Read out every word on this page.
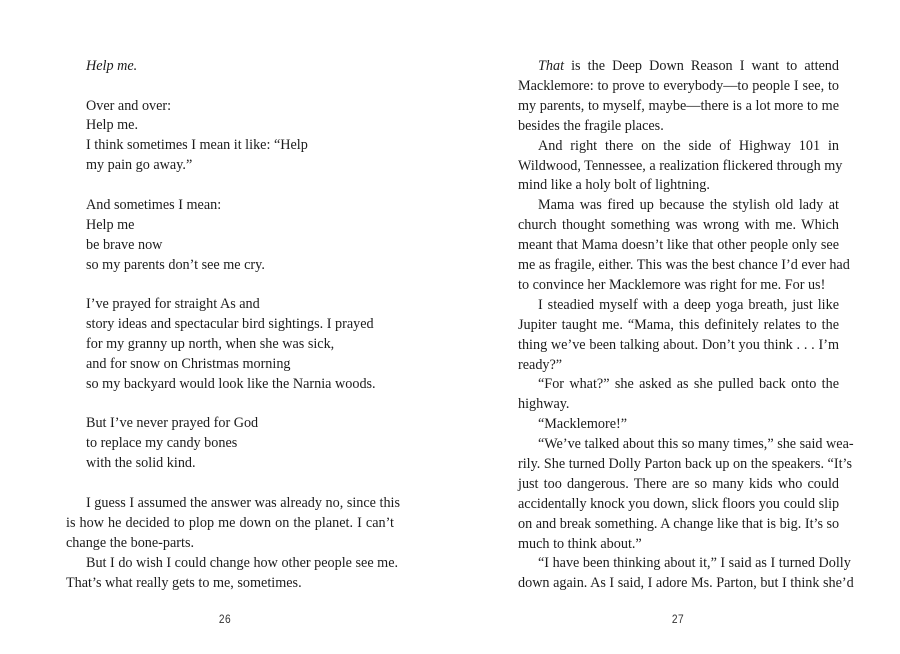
Help me.
Over and over:
Help me.
I think sometimes I mean it like: “Help
my pain go away.”
And sometimes I mean:
Help me
be brave now
so my parents don’t see me cry.
I’ve prayed for straight As and
story ideas and spectacular bird sightings. I prayed
for my granny up north, when she was sick,
and for snow on Christmas morning
so my backyard would look like the Narnia woods.
But I’ve never prayed for God
to replace my candy bones
with the solid kind.
I guess I assumed the answer was already no, since this
is how he decided to plop me down on the planet. I can’t
change the bone-parts.
But I do wish I could change how other people see me.
That’s what really gets to me, sometimes.
26
That is the Deep Down Reason I want to attend
Macklemore: to prove to everybody—to people I see, to
my parents, to myself, maybe—there is a lot more to me
besides the fragile places.
And right there on the side of Highway 101 in
Wildwood, Tennessee, a realization flickered through my
mind like a holy bolt of lightning.
Mama was fired up because the stylish old lady at
church thought something was wrong with me. Which
meant that Mama doesn’t like that other people only see
me as fragile, either. This was the best chance I’d ever had
to convince her Macklemore was right for me. For us!
I steadied myself with a deep yoga breath, just like
Jupiter taught me. “Mama, this definitely relates to the
thing we’ve been talking about. Don’t you think . . . I’m
ready?”
“For what?” she asked as she pulled back onto the
highway.
“Macklemore!”
“We’ve talked about this so many times,” she said wea-
rily. She turned Dolly Parton back up on the speakers. “It’s
just too dangerous. There are so many kids who could
accidentally knock you down, slick floors you could slip
on and break something. A change like that is big. It’s so
much to think about.”
“I have been thinking about it,” I said as I turned Dolly
down again. As I said, I adore Ms. Parton, but I think she’d
27
